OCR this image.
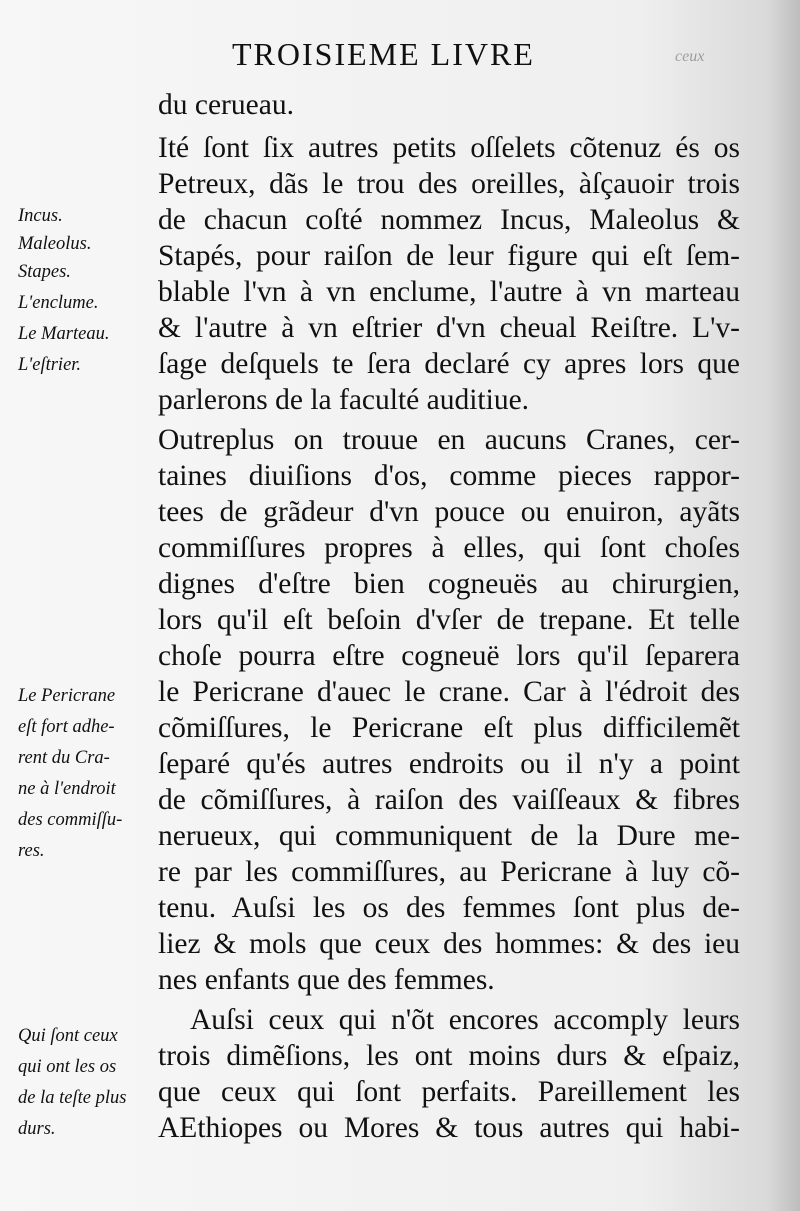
TROISIEME LIVRE	ceux
du cerueau.
Ité ſont ſix autres petits oſſelets cõtenuz és os
Petreux, dãs le trou des oreilles, àſçauoir trois
de chacun coſté nommez Incus, Maleolus &
Stapés, pour raiſon de leur figure qui eſt ſem-
blable l'vn à vn enclume, l'autre à vn marteau
& l'autre à vn eſtrier d'vn cheual Reiſtre. L'v-
ſage deſquels te ſera declaré cy apres lors que
parlerons de la faculté auditiue.
Outreplus on trouue en aucuns Cranes, cer-
taines diuiſions d'os, comme pieces rappor-
tees de grãdeur d'vn pouce ou enuiron, ayãts
commiſſures propres à elles, qui ſont choſes
dignes d'eſtre bien cogneuës au chirurgien,
lors qu'il eſt beſoin d'vſer de trepane. Et telle
choſe pourra eſtre cogneuë lors qu'il ſeparera
le Pericrane d'auec le crane. Car à l'édroit des
cõmiſſures, le Pericrane eſt plus difficilemẽt
ſeparé qu'és autres endroits ou il n'y a point
de cõmiſſures, à raiſon des vaiſſeaux & fibres
nerueux, qui communiquent de la Dure me-
re par les commiſſures, au Pericrane à luy cõ-
tenu. Auſsi les os des femmes ſont plus de-
liez & mols que ceux des hommes: & des ieu
nes enfants que des femmes.
Auſsi ceux qui n'õt encores accomply leurs
trois dimẽſions, les ont moins durs & eſpaiz,
que ceux qui ſont perfaits. Pareillement les
AEthiopes ou Mores & tous autres qui habi-
Incus.
Maleolus.
Stapes.
L'enclume.
Le Marteau.
L'eſtrier.
Le Pericrane
eſt fort adhe-
rent du Cra-
ne à l'endroit
des commiſſu-
res.
Qui ſont ceux
qui ont les os
de la teſte plus
durs.
